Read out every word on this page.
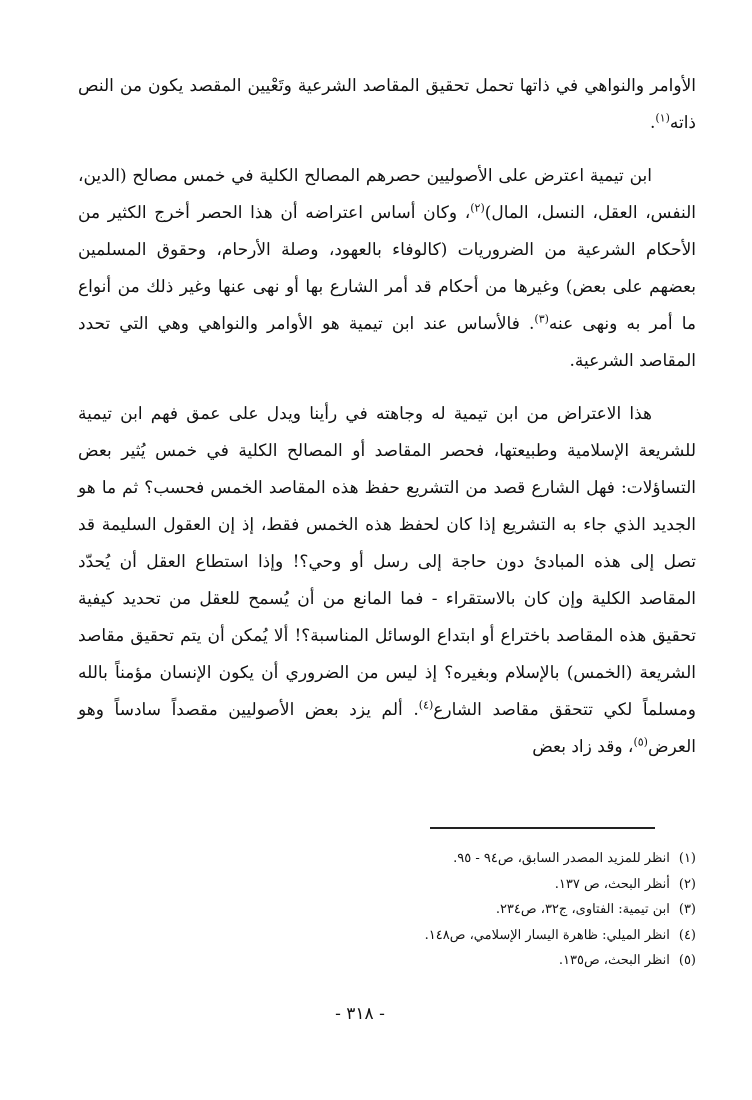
الأوامر والنواهي في ذاتها تحمل تحقيق المقاصد الشرعية وتَعْيين المقصد يكون من النص ذاته$^{(١)}$.

ابن تيمية اعترض على الأصوليين حصرهم المصالح الكلية في خمس مصالح (الدين، النفس، العقل، النسل، المال)$^{(٢)}$، وكان أساس اعتراضه أن هذا الحصر أخرج الكثير من الأحكام الشرعية من الضروريات (كالوفاء بالعهود، وصلة الأرحام، وحقوق المسلمين بعضهم على بعض) وغيرها من أحكام قد أمر الشارع بها أو نهى عنها وغير ذلك من أنواع ما أمر به ونهى عنه$^{(٣)}$. فالأساس عند ابن تيمية هو الأوامر والنواهي وهي التي تحدد المقاصد الشرعية.

هذا الاعتراض من ابن تيمية له وجاهته في رأينا ويدل على عمق فهم ابن تيمية للشريعة الإسلامية وطبيعتها، فحصر المقاصد أو المصالح الكلية في خمس يُثير بعض التساؤلات: فهل الشارع قصد من التشريع حفظ هذه المقاصد الخمس فحسب؟ ثم ما هو الجديد الذي جاء به التشريع إذا كان لحفظ هذه الخمس فقط، إذ إن العقول السليمة قد تصل إلى هذه المبادئ دون حاجة إلى رسل أو وحي؟! وإذا استطاع العقل أن يُحدّد المقاصد الكلية وإن كان بالاستقراء - فما المانع من أن يُسمح للعقل من تحديد كيفية تحقيق هذه المقاصد باختراع أو ابتداع الوسائل المناسبة؟! ألا يُمكن أن يتم تحقيق مقاصد الشريعة (الخمس) بالإسلام وبغيره؟ إذ ليس من الضروري أن يكون الإنسان مؤمناً بالله ومسلماً لكي تتحقق مقاصد الشارع$^{(٤)}$. ألم يزد بعض الأصوليين مقصداً سادساً وهو العرض$^{(٥)}$، وقد زاد بعض

(١) انظر للمزيد المصدر السابق، ص٩٤ - ٩٥.
(٢) أنظر البحث، ص ١٣٧.
(٣) ابن تيمية: الفتاوى، ج٣٢، ص٢٣٤.
(٤) انظر الميلي: ظاهرة اليسار الإسلامي، ص١٤٨.
(٥) انظر البحث، ص١٣٥.
- ٣١٨ -
